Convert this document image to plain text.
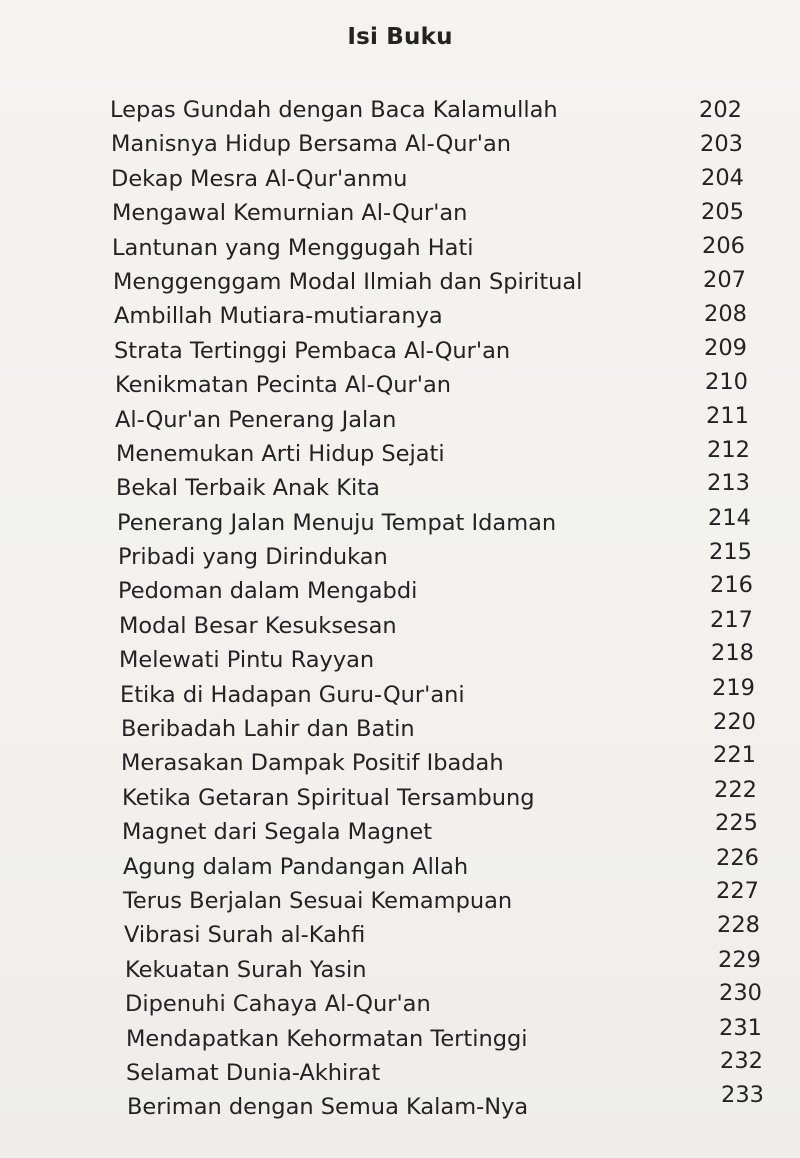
Isi Buku
Lepas Gundah dengan Baca Kalamullah	202
Manisnya Hidup Bersama Al-Qur'an	203
Dekap Mesra Al-Qur'anmu	204
Mengawal Kemurnian Al-Qur'an	205
Lantunan yang Menggugah Hati	206
Menggenggam Modal Ilmiah dan Spiritual	207
Ambillah Mutiara-mutiaranya	208
Strata Tertinggi Pembaca Al-Qur'an	209
Kenikmatan Pecinta Al-Qur'an	210
Al-Qur'an Penerang Jalan	211
Menemukan Arti Hidup Sejati	212
Bekal Terbaik Anak Kita	213
Penerang Jalan Menuju Tempat Idaman	214
Pribadi yang Dirindukan	215
Pedoman dalam Mengabdi	216
Modal Besar Kesuksesan	217
Melewati Pintu Rayyan	218
Etika di Hadapan Guru-Qur'ani	219
Beribadah Lahir dan Batin	220
Merasakan Dampak Positif Ibadah	221
Ketika Getaran Spiritual Tersambung	222
Magnet dari Segala Magnet	225
Agung dalam Pandangan Allah	226
Terus Berjalan Sesuai Kemampuan	227
Vibrasi Surah al-Kahfi	228
Kekuatan Surah Yasin	229
Dipenuhi Cahaya Al-Qur'an	230
Mendapatkan Kehormatan Tertinggi	231
Selamat Dunia-Akhirat	232
Beriman dengan Semua Kalam-Nya	233
